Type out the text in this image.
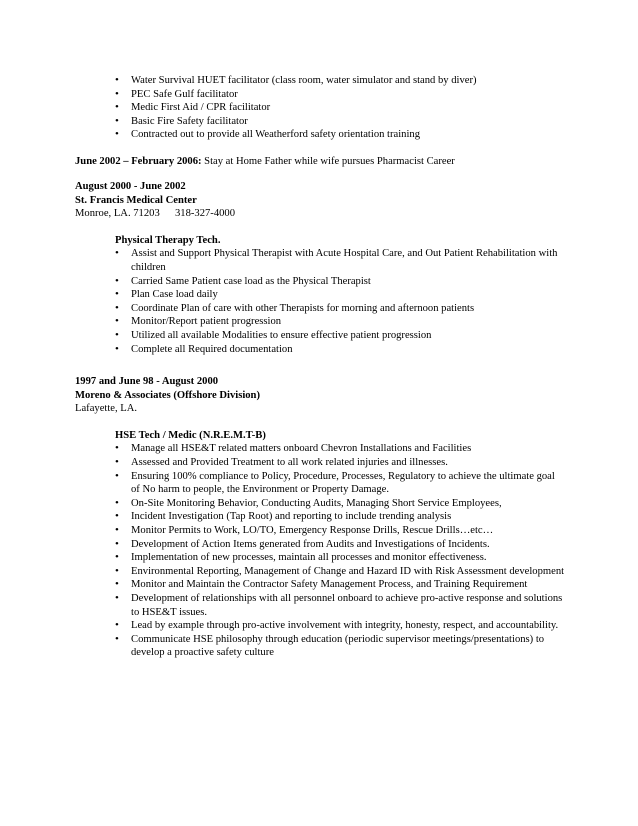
• Water Survival HUET facilitator (class room, water simulator and stand by diver)
• PEC Safe Gulf facilitator
• Medic First Aid / CPR facilitator
• Basic Fire Safety facilitator
• Contracted out to provide all Weatherford safety orientation training
June 2002 – February 2006: Stay at Home Father while wife pursues Pharmacist Career
August 2000 - June 2002
St. Francis Medical Center
Monroe, LA. 71203 318-327-4000
Physical Therapy Tech.
• Assist and Support Physical Therapist with Acute Hospital Care, and Out Patient Rehabilitation with children
• Carried Same Patient case load as the Physical Therapist
• Plan Case load daily
• Coordinate Plan of care with other Therapists for morning and afternoon patients
• Monitor/Report patient progression
• Utilized all available Modalities to ensure effective patient progression
• Complete all Required documentation
1997 and June 98 - August 2000
Moreno & Associates (Offshore Division)
Lafayette, LA.
HSE Tech / Medic (N.R.E.M.T-B)
• Manage all HSE&T related matters onboard Chevron Installations and Facilities
• Assessed and Provided Treatment to all work related injuries and illnesses.
• Ensuring 100% compliance to Policy, Procedure, Processes, Regulatory to achieve the ultimate goal of No harm to people, the Environment or Property Damage.
• On-Site Monitoring Behavior, Conducting Audits, Managing Short Service Employees,
• Incident Investigation (Tap Root) and reporting to include trending analysis
• Monitor Permits to Work, LO/TO, Emergency Response Drills, Rescue Drills…etc…
• Development of Action Items generated from Audits and Investigations of Incidents.
• Implementation of new processes, maintain all processes and monitor effectiveness.
• Environmental Reporting, Management of Change and Hazard ID with Risk Assessment development
• Monitor and Maintain the Contractor Safety Management Process, and Training Requirement
• Development of relationships with all personnel onboard to achieve pro-active response and solutions to HSE&T issues.
• Lead by example through pro-active involvement with integrity, honesty, respect, and accountability.
• Communicate HSE philosophy through education (periodic supervisor meetings/presentations) to develop a proactive safety culture
